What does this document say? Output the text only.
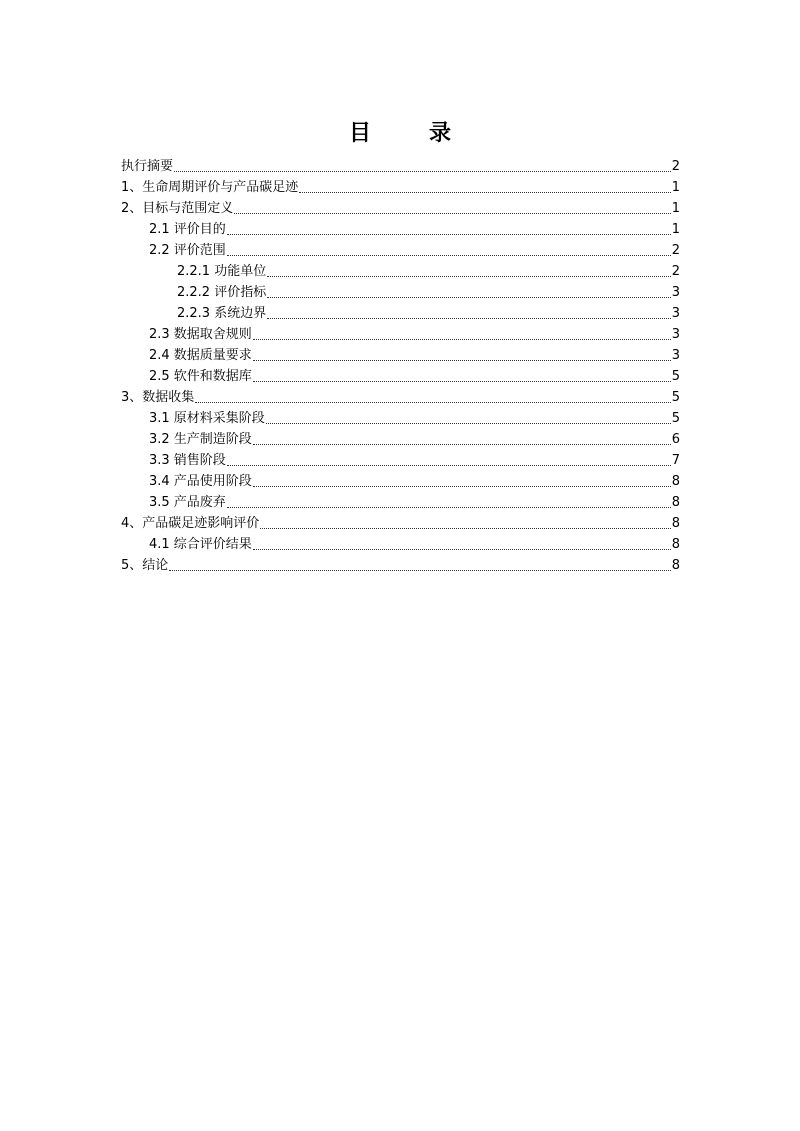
目　录
执行摘要	2
1、生命周期评价与产品碳足迹	1
2、目标与范围定义	1
2.1 评价目的	1
2.2 评价范围	2
2.2.1 功能单位	2
2.2.2 评价指标	3
2.2.3 系统边界	3
2.3 数据取舍规则	3
2.4 数据质量要求	3
2.5 软件和数据库	5
3、数据收集	5
3.1 原材料采集阶段	5
3.2 生产制造阶段	6
3.3 销售阶段	7
3.4 产品使用阶段	8
3.5 产品废弃	8
4、产品碳足迹影响评价	8
4.1 综合评价结果	8
5、结论	8
